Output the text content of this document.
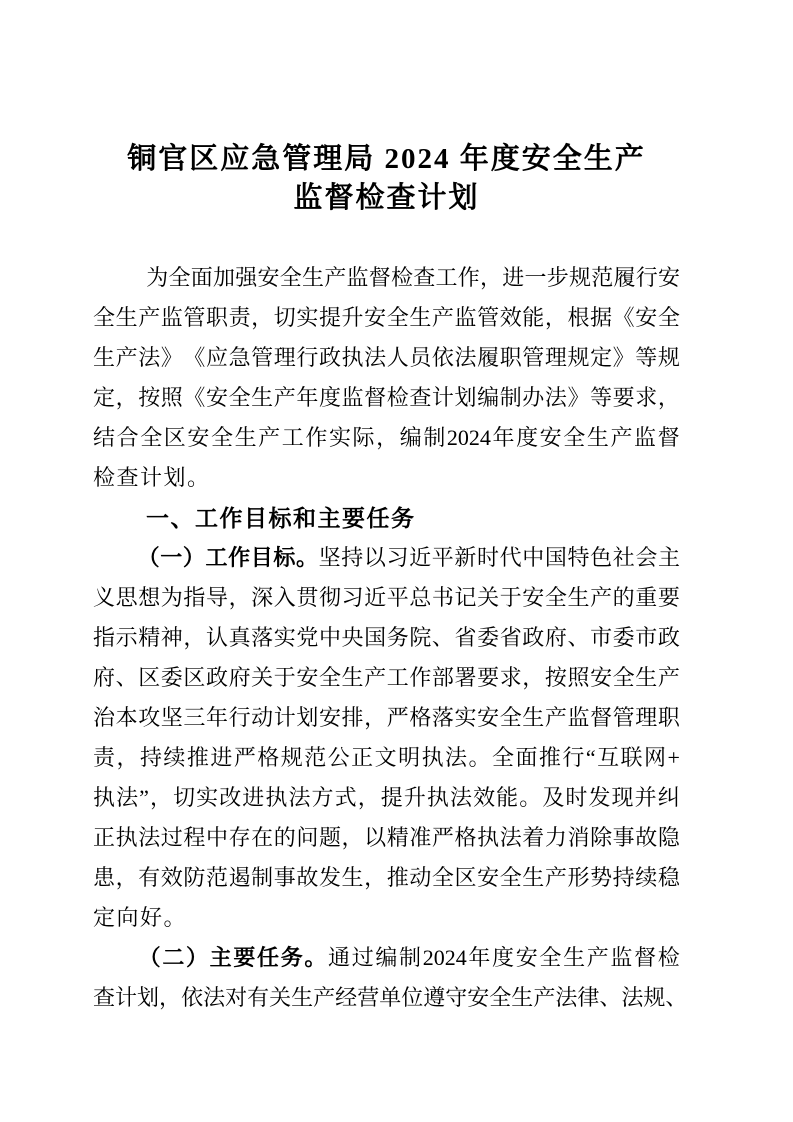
铜官区应急管理局 2024 年度安全生产
监督检查计划
为 全 面 加 强 安 全 生 产 监 督 检 查 工 作 ， 进 一 步 规 范 履 行 安
全 生 产 监 管 职 责 ， 切 实 提 升 安 全 生 产 监 管 效 能 ， 根 据 《 安 全
生 产 法 》 《 应 急 管 理 行 政 执 法 人 员 依 法 履 职 管 理 规 定 》 等 规
定 ， 按 照 《 安 全 生 产 年 度 监 督 检 查 计 划 编 制 办 法 》 等 要 求 ，
结 合 全 区 安 全 生 产 工 作 实 际 ， 编 制 2024 年 度 安 全 生 产 监 督
检查计划。
一、工作目标和主要任务
（ 一 ） 工 作 目 标 。 坚 持 以 习 近 平 新 时 代 中 国 特 色 社 会 主
义 思 想 为 指 导 ， 深 入 贯 彻 习 近 平 总 书 记 关 于 安 全 生 产 的 重 要
指 示 精 神 ， 认 真 落 实 党 中 央 国 务 院 、 省 委 省 政 府 、 市 委 市 政
府 、 区 委 区 政 府 关 于 安 全 生 产 工 作 部 署 要 求 ， 按 照 安 全 生 产
治 本 攻 坚 三 年 行 动 计 划 安 排 ， 严 格 落 实 安 全 生 产 监 督 管 理 职
责 ， 持 续 推 进 严 格 规 范 公 正 文 明 执 法 。 全 面 推 行 “ 互 联 网 +
执 法 ” ， 切 实 改 进 执 法 方 式 ， 提 升 执 法 效 能 。 及 时 发 现 并 纠
正 执 法 过 程 中 存 在 的 问 题 ， 以 精 准 严 格 执 法 着 力 消 除 事 故 隐
患 ， 有 效 防 范 遏 制 事 故 发 生 ， 推 动 全 区 安 全 生 产 形 势 持 续 稳
定向好。
（ 二 ） 主 要 任 务 。 通 过 编 制 2024 年 度 安 全 生 产 监 督 检
查 计 划 ， 依 法 对 有 关 生 产 经 营 单 位 遵 守 安 全 生 产 法 律 、 法 规 、
